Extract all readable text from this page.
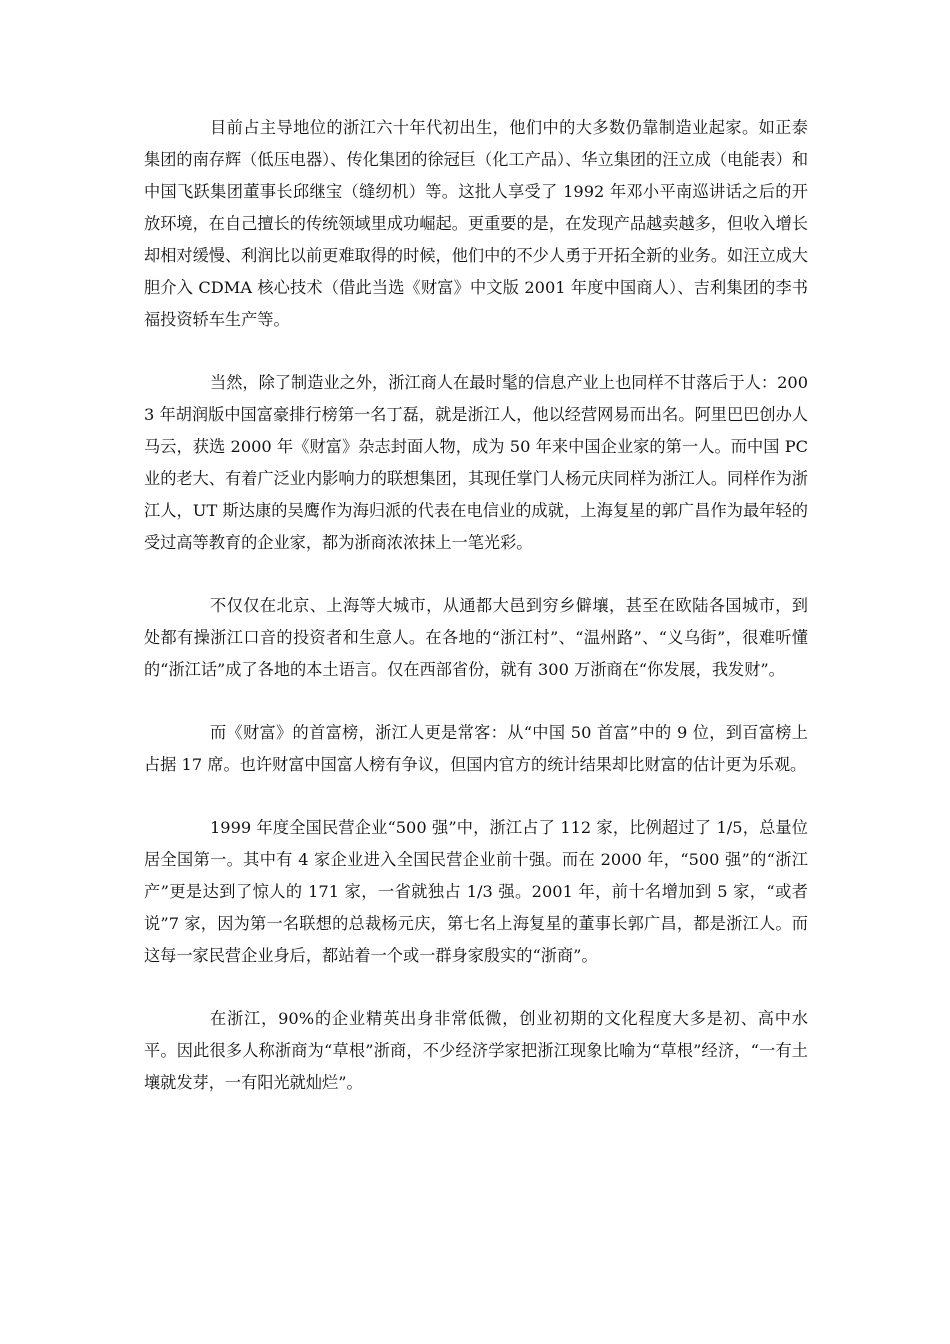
目前占主导地位的浙江六十年代初出生，他们中的大多数仍靠制造业起家。如正泰集团的南存辉（低压电器）、传化集团的徐冠巨（化工产品）、华立集团的汪立成（电能表）和中国飞跃集团董事长邱继宝（缝纫机）等。这批人享受了 1992 年邓小平南巡讲话之后的开放环境，在自己擅长的传统领域里成功崛起。更重要的是，在发现产品越卖越多，但收入增长却相对缓慢、利润比以前更难取得的时候，他们中的不少人勇于开拓全新的业务。如汪立成大胆介入 CDMA 核心技术（借此当选《财富》中文版 2001 年度中国商人）、吉利集团的李书福投资轿车生产等。

当然，除了制造业之外，浙江商人在最时髦的信息产业上也同样不甘落后于人：2003 年胡润版中国富豪排行榜第一名丁磊，就是浙江人，他以经营网易而出名。阿里巴巴创办人马云，获选 2000 年《财富》杂志封面人物，成为 50 年来中国企业家的第一人。而中国 PC 业的老大、有着广泛业内影响力的联想集团，其现任掌门人杨元庆同样为浙江人。同样作为浙江人，UT 斯达康的吴鹰作为海归派的代表在电信业的成就，上海复星的郭广昌作为最年轻的受过高等教育的企业家，都为浙商浓浓抹上一笔光彩。

不仅仅在北京、上海等大城市，从通都大邑到穷乡僻壤，甚至在欧陆各国城市，到处都有操浙江口音的投资者和生意人。在各地的“浙江村”、“温州路”、“义乌街”，很难听懂的“浙江话”成了各地的本土语言。仅在西部省份，就有 300 万浙商在“你发展，我发财”。

而《财富》的首富榜，浙江人更是常客：从“中国 50 首富”中的 9 位，到百富榜上占据 17 席。也许财富中国富人榜有争议，但国内官方的统计结果却比财富的估计更为乐观。

1999 年度全国民营企业“500 强”中，浙江占了 112 家，比例超过了 1/5，总量位居全国第一。其中有 4 家企业进入全国民营企业前十强。而在 2000 年，“500 强”的“浙江产”更是达到了惊人的 171 家，一省就独占 1/3 强。2001 年，前十名增加到 5 家，“或者说”7 家，因为第一名联想的总裁杨元庆，第七名上海复星的董事长郭广昌，都是浙江人。而这每一家民营企业身后，都站着一个或一群身家殷实的“浙商”。

在浙江，90%的企业精英出身非常低微，创业初期的文化程度大多是初、高中水平。因此很多人称浙商为“草根”浙商，不少经济学家把浙江现象比喻为“草根”经济，“一有土壤就发芽，一有阳光就灿烂”。
